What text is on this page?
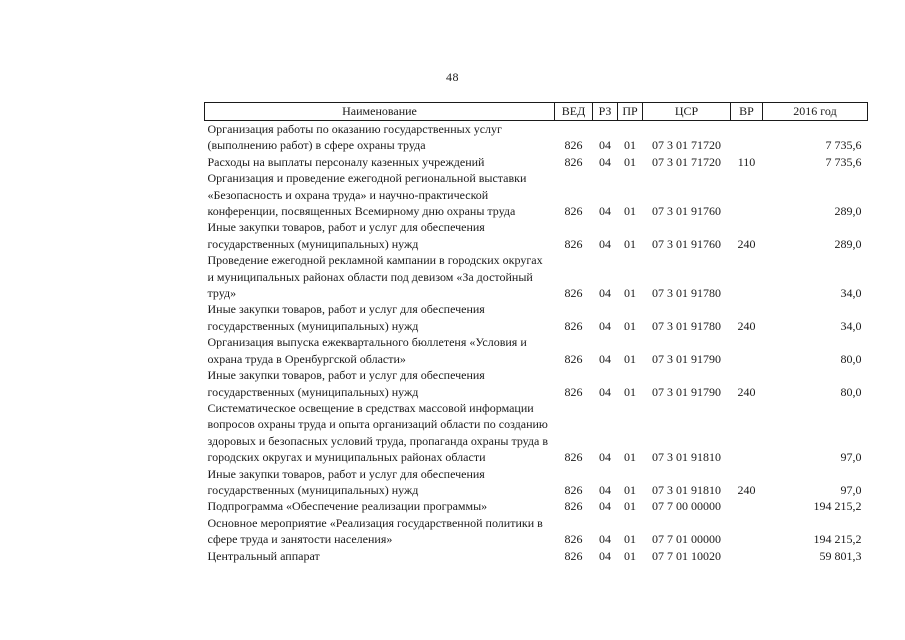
48
Наименование	ВЕД	РЗ	ПР	ЦСР	ВР	2016 год
Организация работы по оказанию государственных услуг (выполнению работ) в сфере охраны труда	826	04	01	07 3 01 71720		7 735,6
Расходы на выплаты персоналу казенных учреждений	826	04	01	07 3 01 71720	110	7 735,6
Организация и проведение ежегодной региональной выставки «Безопасность и охрана труда» и научно-практической конференции, посвященных Всемирному дню охраны труда	826	04	01	07 3 01 91760		289,0
Иные закупки товаров, работ и услуг для обеспечения государственных (муниципальных) нужд	826	04	01	07 3 01 91760	240	289,0
Проведение ежегодной рекламной кампании в городских округах и муниципальных районах области под девизом «За достойный труд»	826	04	01	07 3 01 91780		34,0
Иные закупки товаров, работ и услуг для обеспечения государственных (муниципальных) нужд	826	04	01	07 3 01 91780	240	34,0
Организация выпуска ежеквартального бюллетеня «Условия и охрана труда в Оренбургской области»	826	04	01	07 3 01 91790		80,0
Иные закупки товаров, работ и услуг для обеспечения государственных (муниципальных) нужд	826	04	01	07 3 01 91790	240	80,0
Систематическое освещение в средствах массовой информации вопросов охраны труда и опыта организаций области по созданию здоровых и безопасных условий труда, пропаганда охраны труда в городских округах и муниципальных районах области	826	04	01	07 3 01 91810		97,0
Иные закупки товаров, работ и услуг для обеспечения государственных (муниципальных) нужд	826	04	01	07 3 01 91810	240	97,0
Подпрограмма «Обеспечение реализации программы»	826	04	01	07 7 00 00000		194 215,2
Основное мероприятие «Реализация государственной политики в сфере труда и занятости населения»	826	04	01	07 7 01 00000		194 215,2
Центральный аппарат	826	04	01	07 7 01 10020		59 801,3
